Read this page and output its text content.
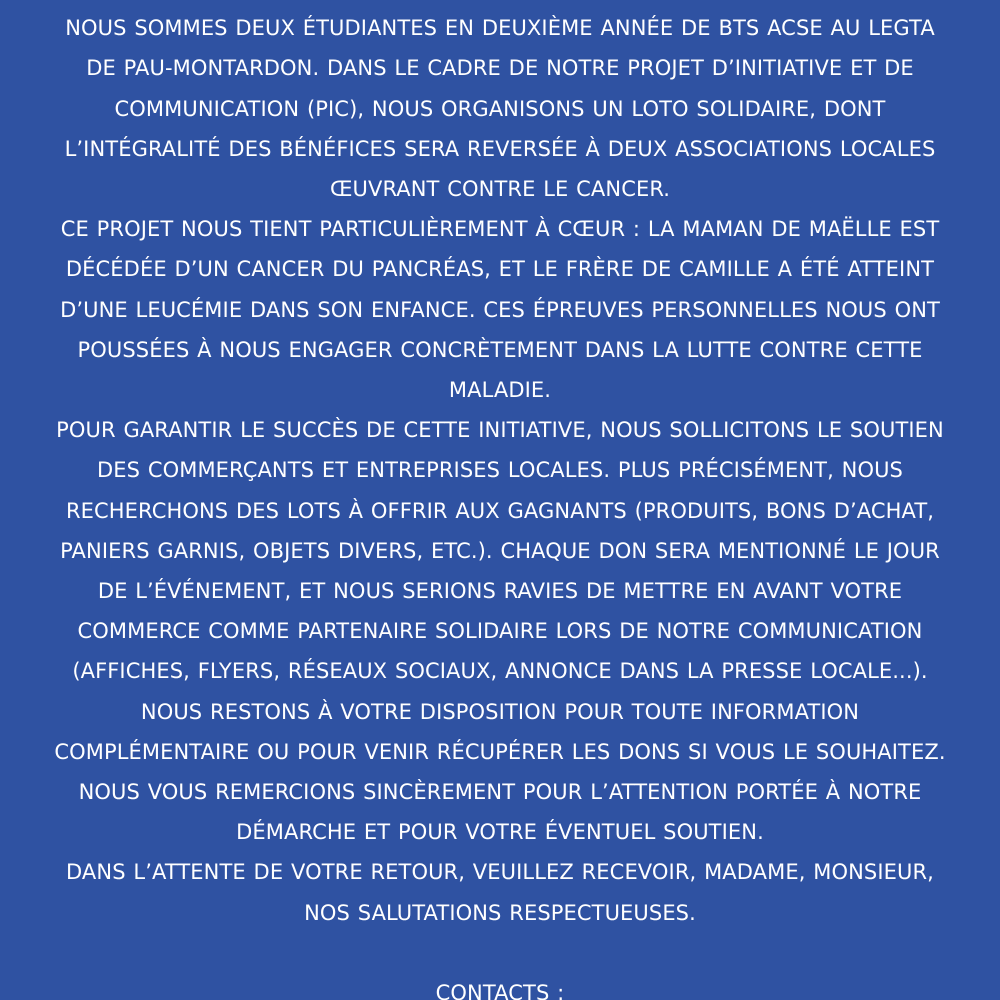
NOUS SOMMES DEUX ÉTUDIANTES EN DEUXIÈME ANNÉE DE BTS ACSE AU LEGTA
DE PAU-MONTARDON. DANS LE CADRE DE NOTRE PROJET D’INITIATIVE ET DE
COMMUNICATION (PIC), NOUS ORGANISONS UN LOTO SOLIDAIRE, DONT
L’INTÉGRALITÉ DES BÉNÉFICES SERA REVERSÉE À DEUX ASSOCIATIONS LOCALES
ŒUVRANT CONTRE LE CANCER.
CE PROJET NOUS TIENT PARTICULIÈREMENT À CŒUR : LA MAMAN DE MAËLLE EST
DÉCÉDÉE D’UN CANCER DU PANCRÉAS, ET LE FRÈRE DE CAMILLE A ÉTÉ ATTEINT
D’UNE LEUCÉMIE DANS SON ENFANCE. CES ÉPREUVES PERSONNELLES NOUS ONT
POUSSÉES À NOUS ENGAGER CONCRÈTEMENT DANS LA LUTTE CONTRE CETTE
MALADIE.
POUR GARANTIR LE SUCCÈS DE CETTE INITIATIVE, NOUS SOLLICITONS LE SOUTIEN
DES COMMERÇANTS ET ENTREPRISES LOCALES. PLUS PRÉCISÉMENT, NOUS
RECHERCHONS DES LOTS À OFFRIR AUX GAGNANTS (PRODUITS, BONS D’ACHAT,
PANIERS GARNIS, OBJETS DIVERS, ETC.). CHAQUE DON SERA MENTIONNÉ LE JOUR
DE L’ÉVÉNEMENT, ET NOUS SERIONS RAVIES DE METTRE EN AVANT VOTRE
COMMERCE COMME PARTENAIRE SOLIDAIRE LORS DE NOTRE COMMUNICATION
(AFFICHES, FLYERS, RÉSEAUX SOCIAUX, ANNONCE DANS LA PRESSE LOCALE...).
NOUS RESTONS À VOTRE DISPOSITION POUR TOUTE INFORMATION
COMPLÉMENTAIRE OU POUR VENIR RÉCUPÉRER LES DONS SI VOUS LE SOUHAITEZ.
NOUS VOUS REMERCIONS SINCÈREMENT POUR L’ATTENTION PORTÉE À NOTRE
DÉMARCHE ET POUR VOTRE ÉVENTUEL SOUTIEN.
DANS L’ATTENTE DE VOTRE RETOUR, VEUILLEZ RECEVOIR, MADAME, MONSIEUR,
NOS SALUTATIONS RESPECTUEUSES.
CONTACTS :
